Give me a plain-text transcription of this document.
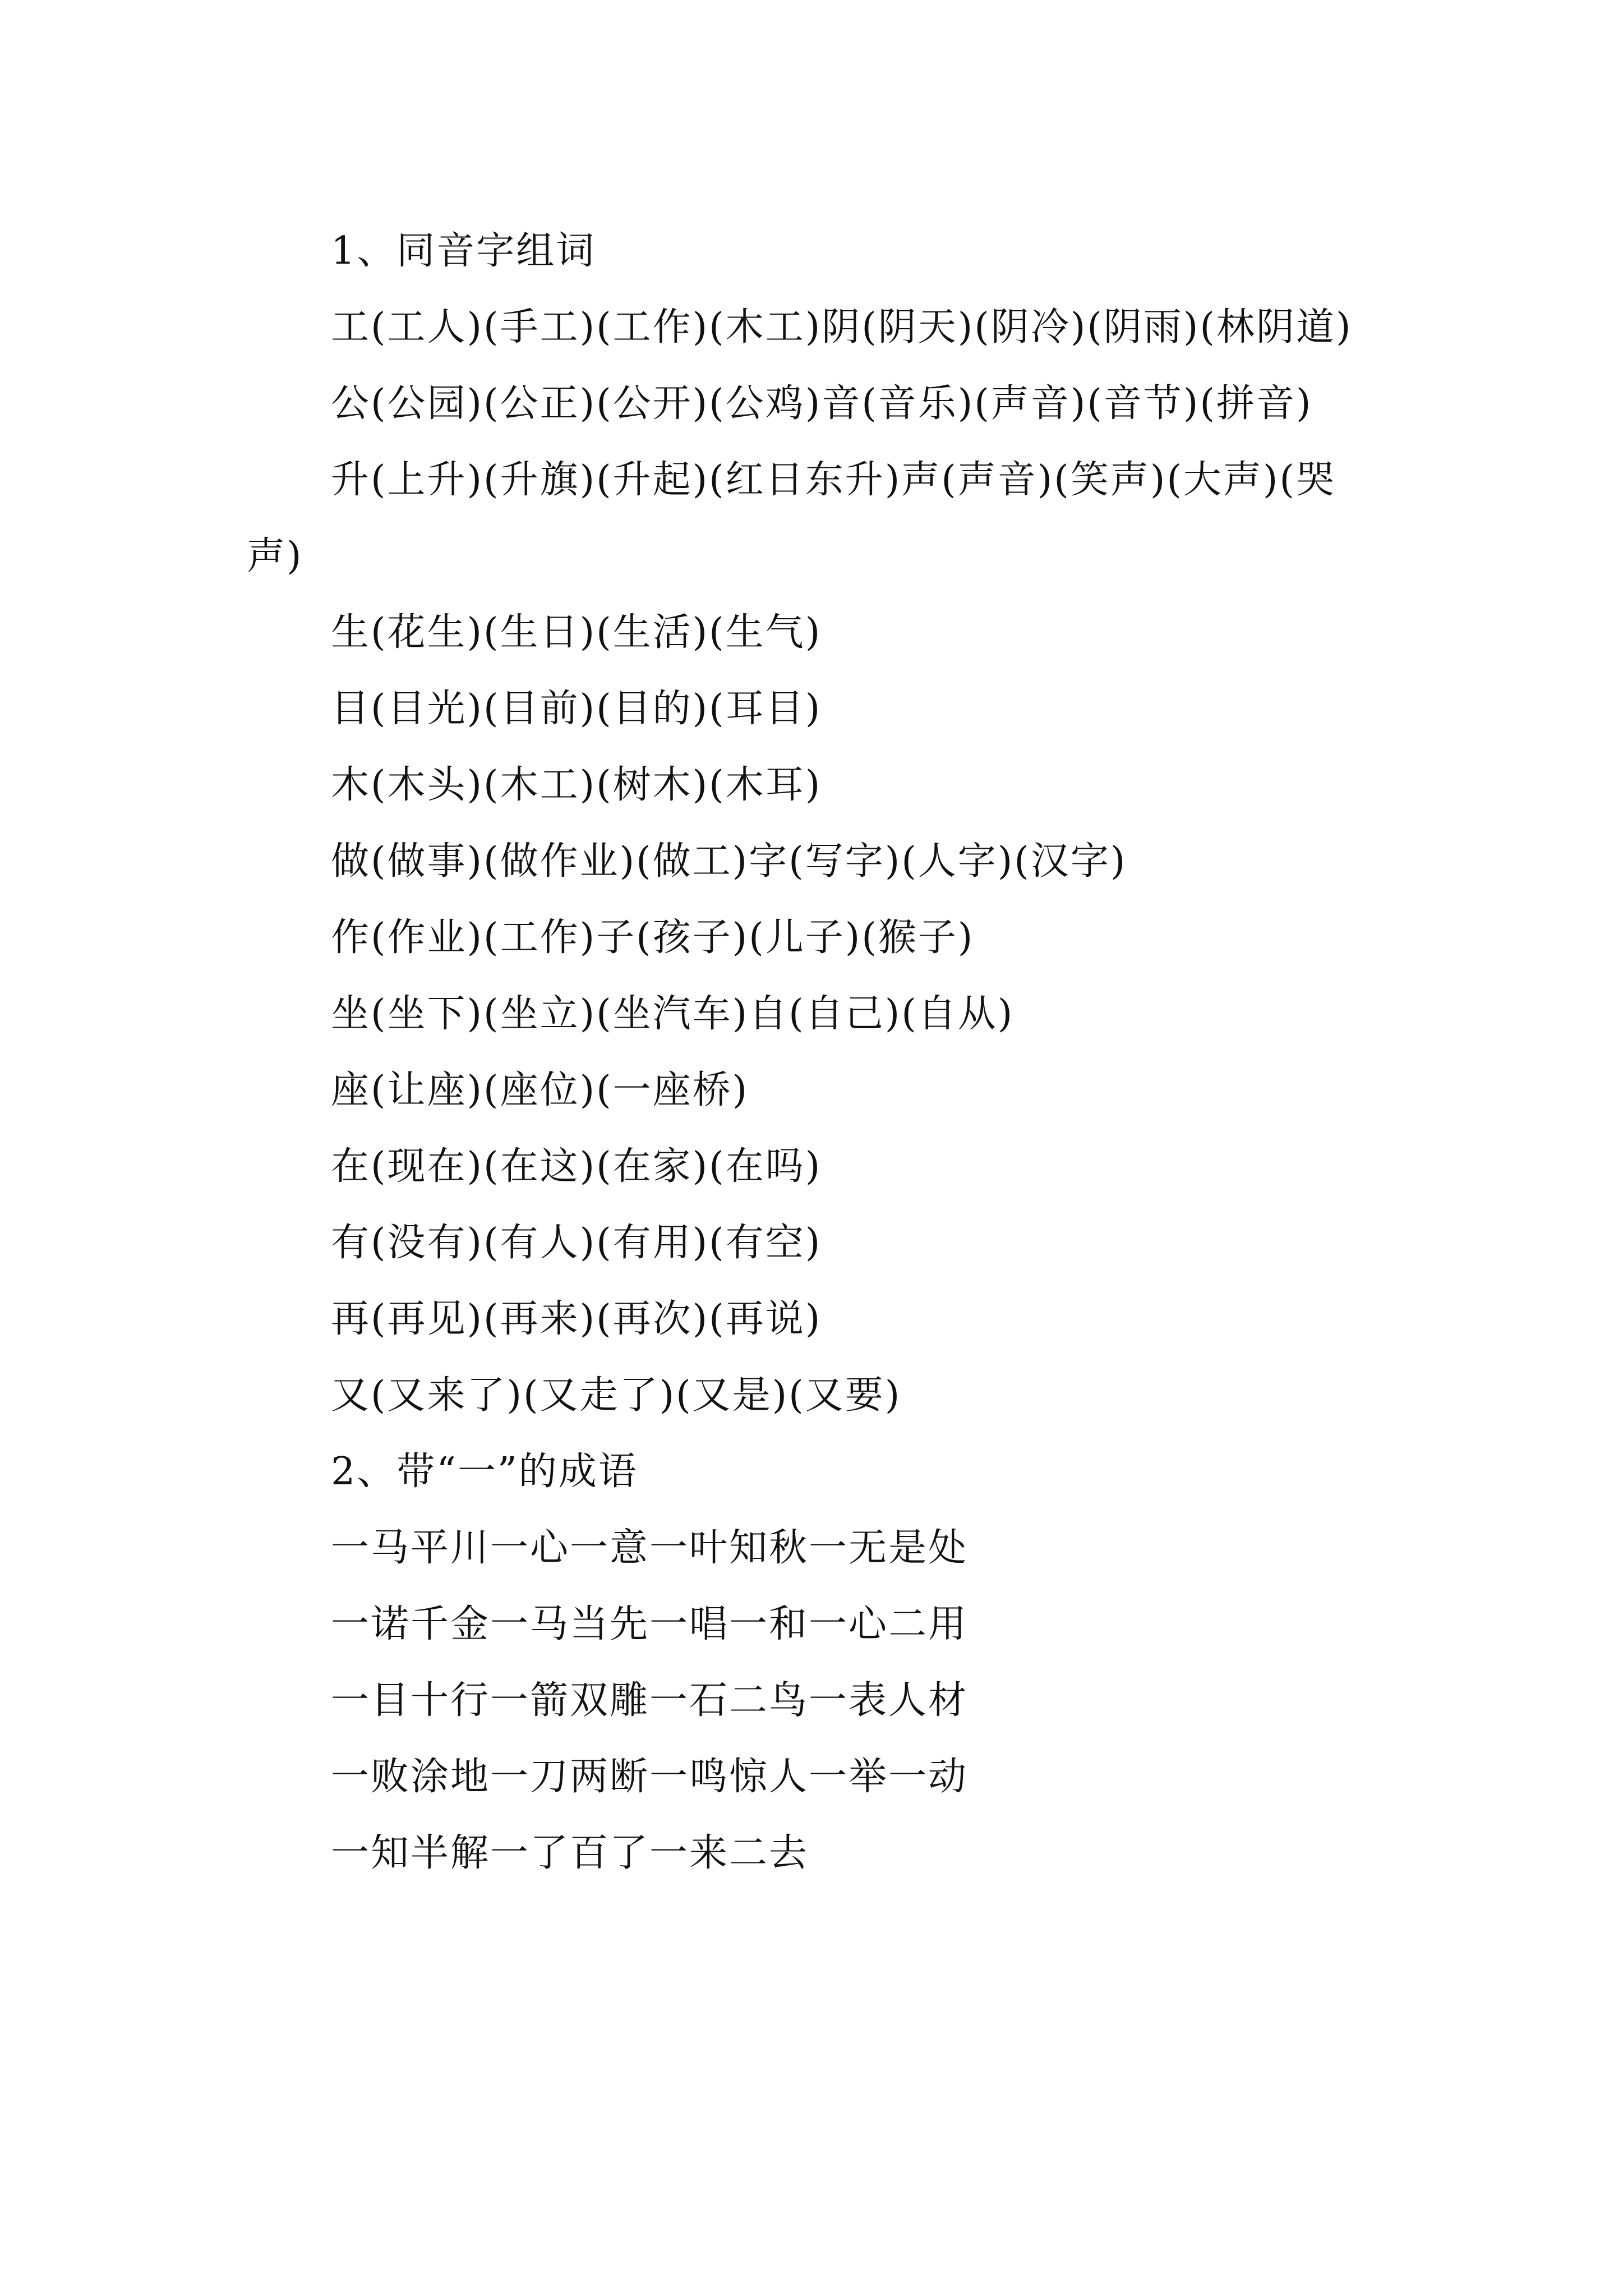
1、同音字组词

工(工人)(手工)(工作)(木工)阴(阴天)(阴冷)(阴雨)(林阴道)

公(公园)(公正)(公开)(公鸡)音(音乐)(声音)(音节)(拼音)

升(上升)(升旗)(升起)(红日东升)声(声音)(笑声)(大声)(哭声)

生(花生)(生日)(生活)(生气)

目(目光)(目前)(目的)(耳目)

木(木头)(木工)(树木)(木耳)

做(做事)(做作业)(做工)字(写字)(人字)(汉字)

作(作业)(工作)子(孩子)(儿子)(猴子)

坐(坐下)(坐立)(坐汽车)自(自己)(自从)

座(让座)(座位)(一座桥)

在(现在)(在这)(在家)(在吗)

有(没有)(有人)(有用)(有空)

再(再见)(再来)(再次)(再说)

又(又来了)(又走了)(又是)(又要)

2、带“一”的成语

一马平川一心一意一叶知秋一无是处

一诺千金一马当先一唱一和一心二用

一目十行一箭双雕一石二鸟一表人材

一败涂地一刀两断一鸣惊人一举一动

一知半解一了百了一来二去
